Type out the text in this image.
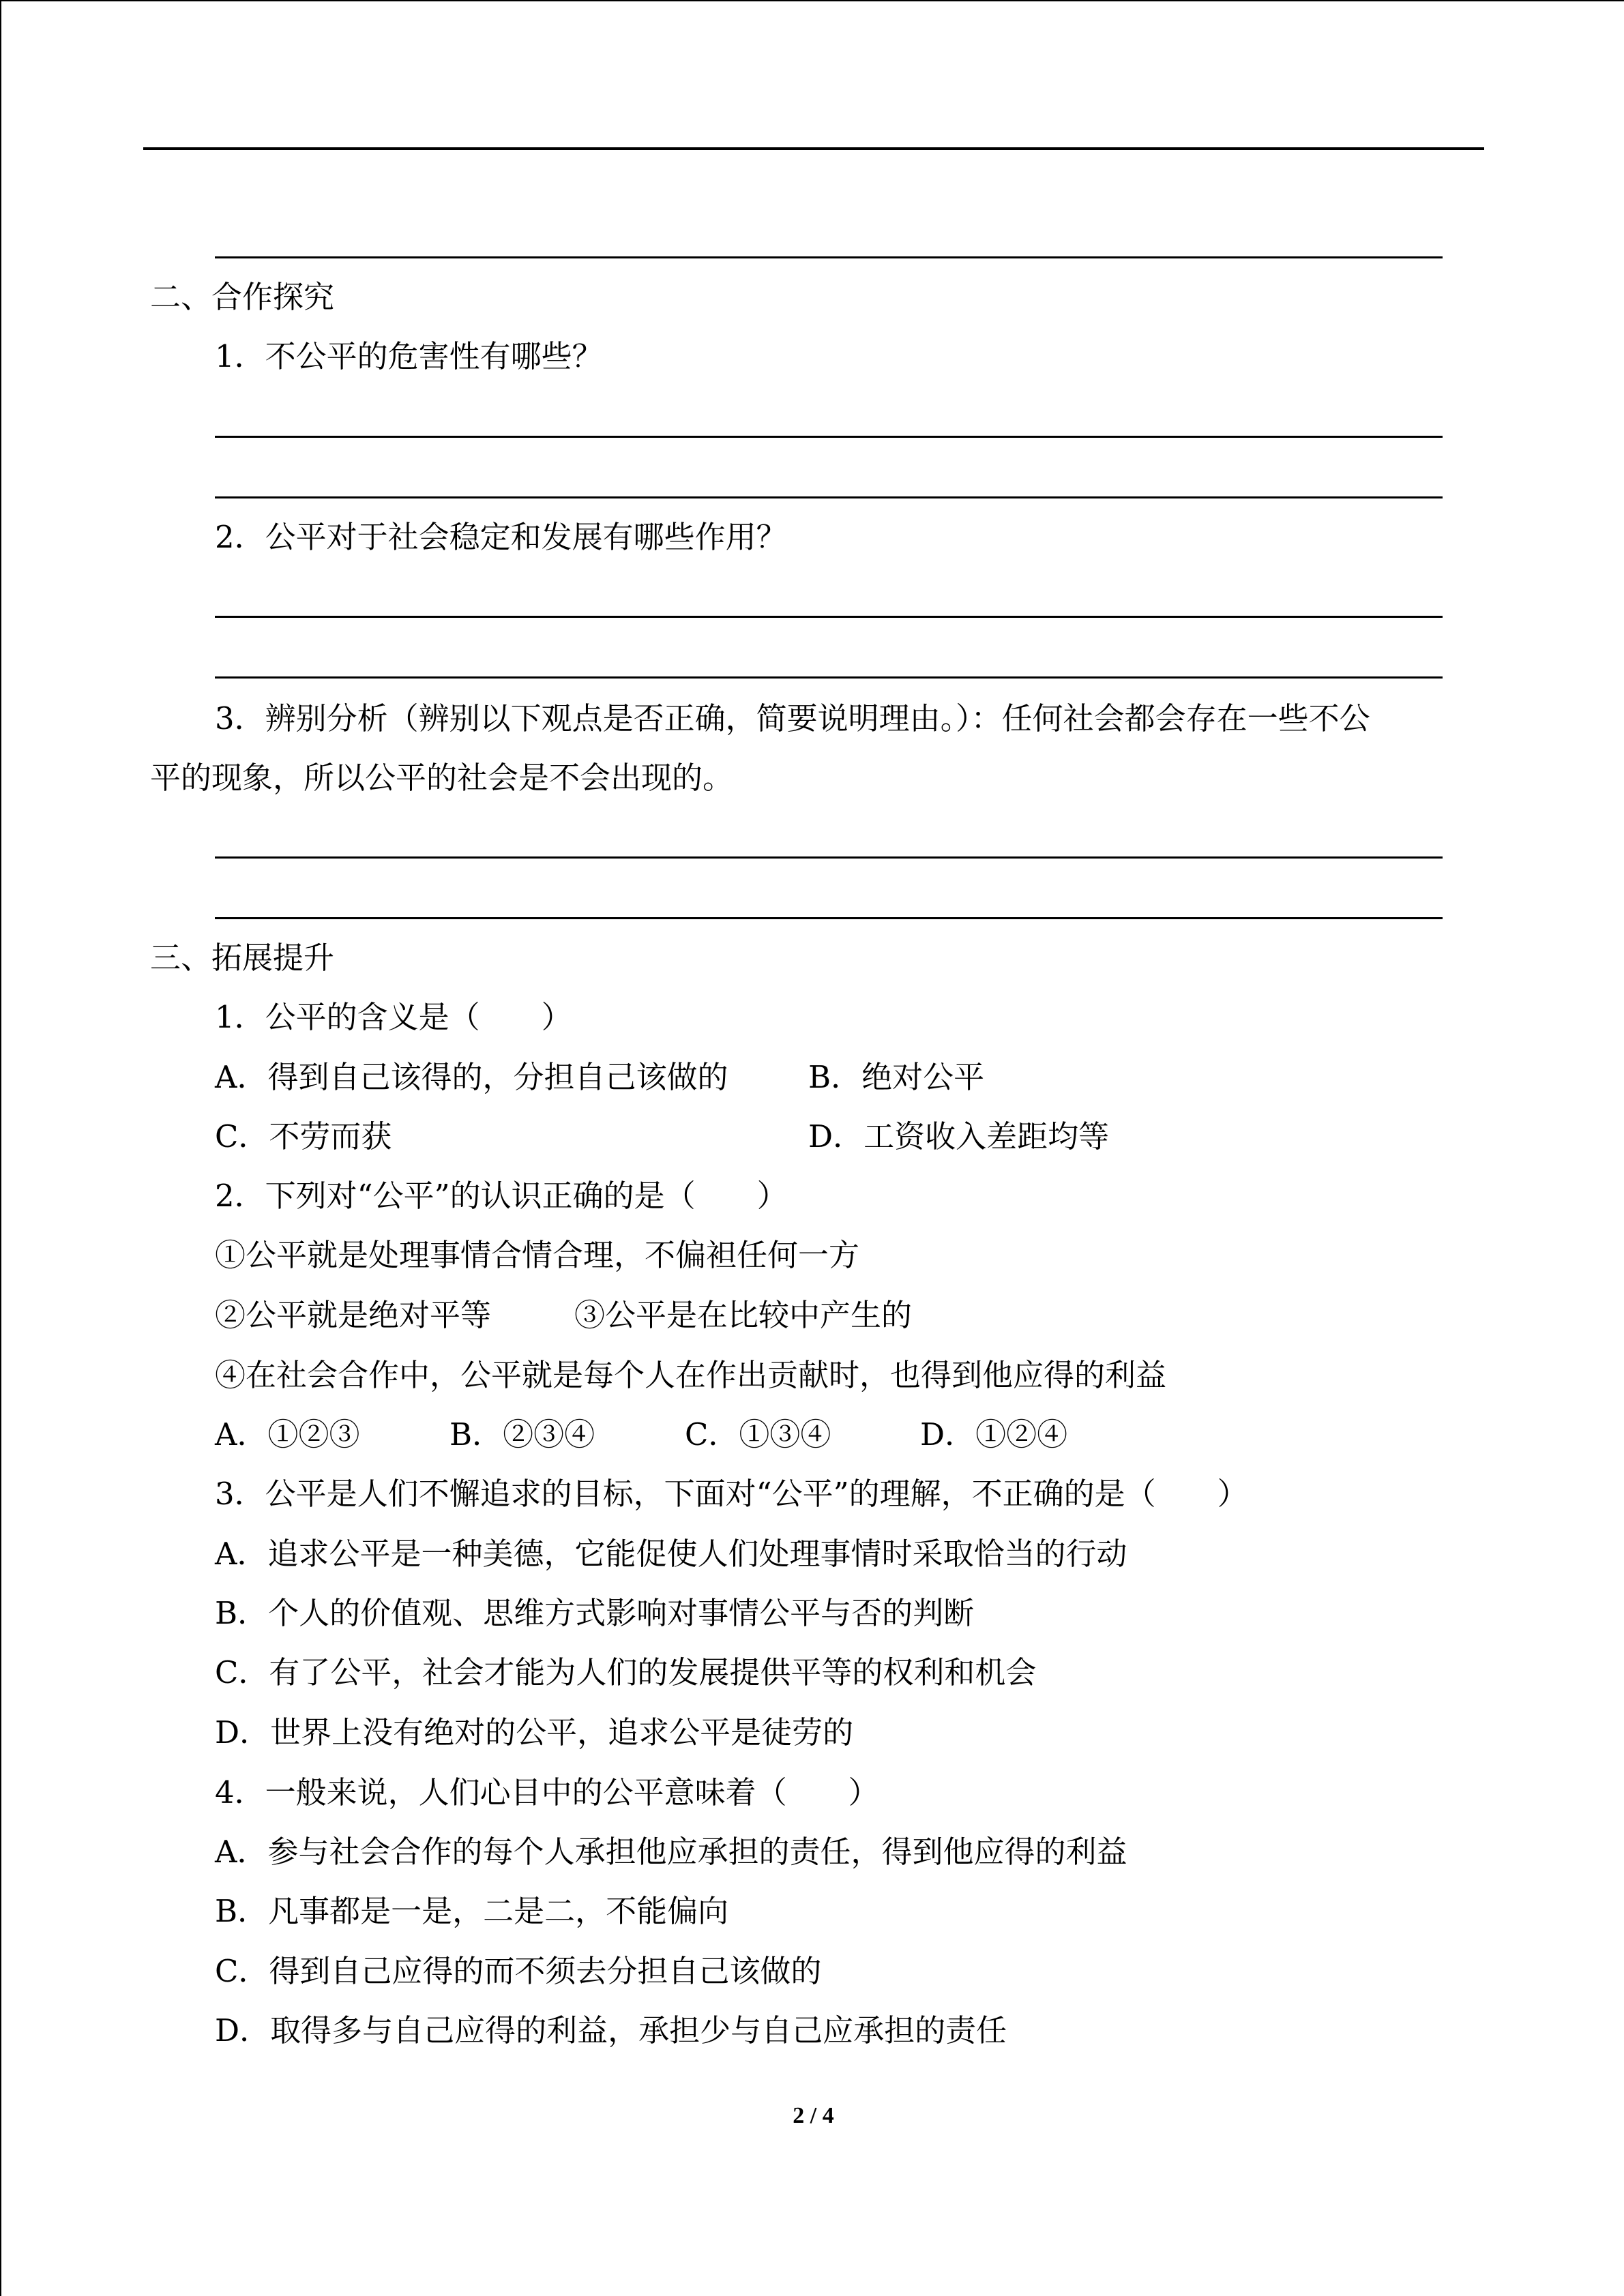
二、合作探究
1．不公平的危害性有哪些？
2．公平对于社会稳定和发展有哪些作用？
3．辨别分析（辨别以下观点是否正确，简要说明理由。）：任何社会都会存在一些不公
平的现象，所以公平的社会是不会出现的。
三、拓展提升
1．公平的含义是（　　）
A．得到自己该得的，分担自己该做的	B．绝对公平
C．不劳而获	D．工资收入差距均等
2．下列对“公平”的认识正确的是（　　）
①公平就是处理事情合情合理，不偏袒任何一方
②公平就是绝对平等	③公平是在比较中产生的
④在社会合作中，公平就是每个人在作出贡献时，也得到他应得的利益
A．①②③	B．②③④	C．①③④	D．①②④
3．公平是人们不懈追求的目标，下面对“公平”的理解，不正确的是（　　）
A．追求公平是一种美德，它能促使人们处理事情时采取恰当的行动
B．个人的价值观、思维方式影响对事情公平与否的判断
C．有了公平，社会才能为人们的发展提供平等的权利和机会
D．世界上没有绝对的公平，追求公平是徒劳的
4．一般来说，人们心目中的公平意味着（　　）
A．参与社会合作的每个人承担他应承担的责任，得到他应得的利益
B．凡事都是一是，二是二，不能偏向
C．得到自己应得的而不须去分担自己该做的
D．取得多与自己应得的利益，承担少与自己应承担的责任
2 / 4
